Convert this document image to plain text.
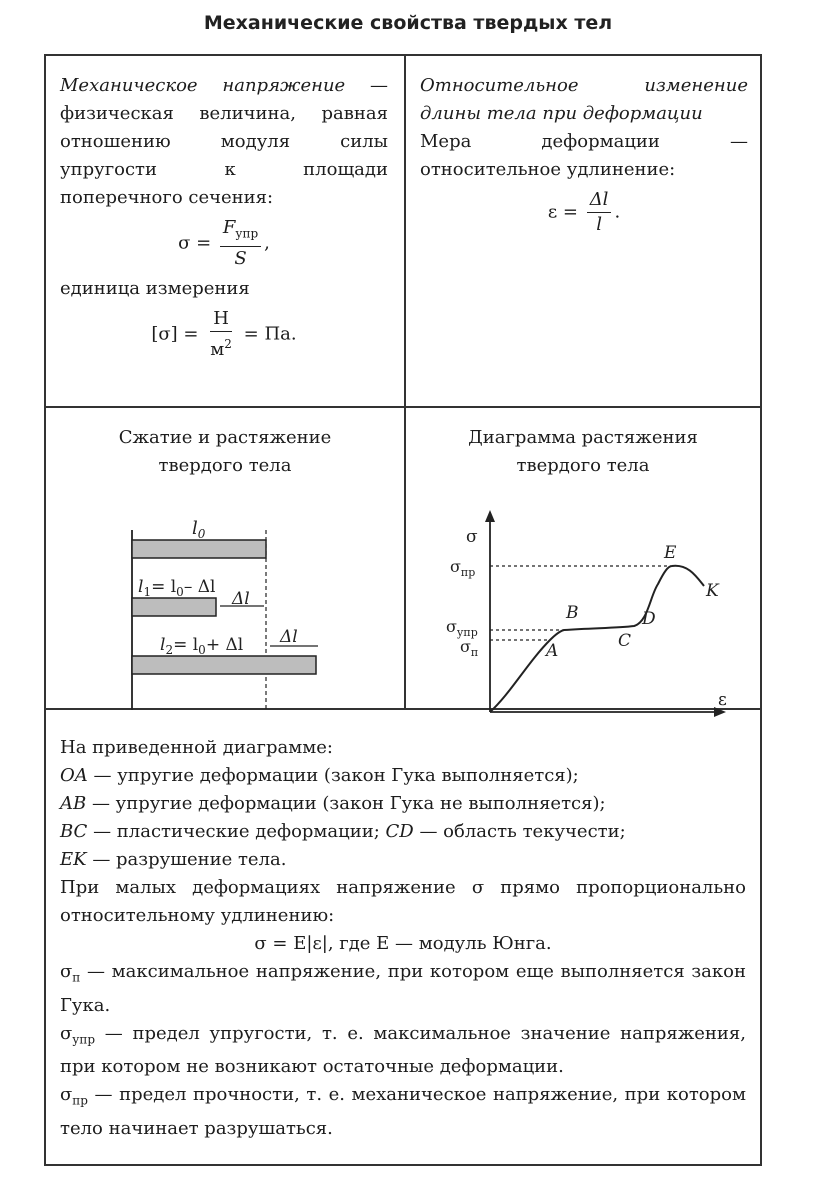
Механические свойства твердых тел
Механическое напряжение — физическая величина, равная отношению модуля силы упругости к площади поперечного сечения:
$\sigma = \frac{F_{упр}}{S}$ ,
единица измерения
$[\sigma] = \frac{Н}{м^2}$ = Па.
Относительное изменение длины тела при деформации
Мера деформации — относительное удлинение:
$\varepsilon = \frac{\Delta l}{l}$ .
Сжатие и растяжение
твердого тела
$l_0$
$l_1= l_0-$ Δl
Δl
$l_2= l_0+ \Delta l$ Δl
Диаграмма растяжения
твердого тела
σ
$\sigma_{пр}$
$\sigma_{упр}$
$\sigma_п$	A
B
C
D
E
K
ε

На приведенной диаграмме:

OA — упругие деформации (закон Гука выполняется);

AB — упругие деформации (закон Гука не выполняется);

BC — пластические деформации; CD — область текучести;

EK — разрушение тела.

При малых деформациях напряжение σ прямо пропорционально относительному удлинению:

σ = E|ε|, где E — модуль Юнга.

$\sigma_п$ — максимальное напряжение, при котором еще выполняется закон Гука.

$\sigma_{упр}$ — предел упругости, т. е. максимальное значение напряжения, при котором не возникают остаточные деформации.

$\sigma_{пр}$ — предел прочности, т. е. механическое напряжение, при котором тело начинает разрушаться.
